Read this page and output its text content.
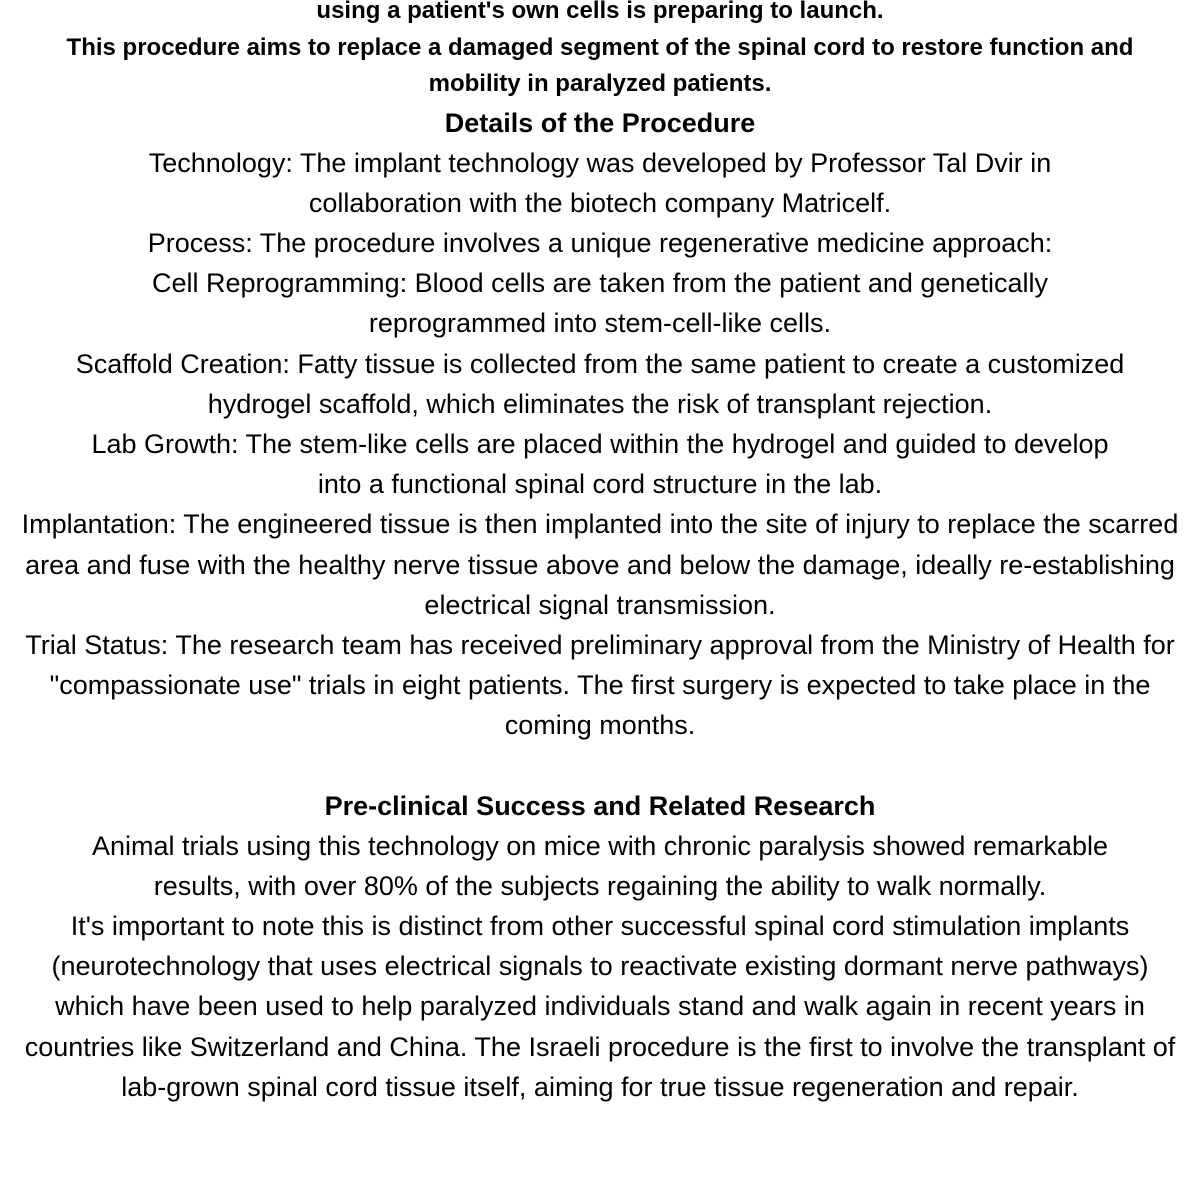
using a patient's own cells is preparing to launch.

This procedure aims to replace a damaged segment of the spinal cord to restore function and mobility in paralyzed patients.

Details of the Procedure

Technology: The implant technology was developed by Professor Tal Dvir in collaboration with the biotech company Matricelf.

Process: The procedure involves a unique regenerative medicine approach:

Cell Reprogramming: Blood cells are taken from the patient and genetically reprogrammed into stem-cell-like cells.

Scaffold Creation: Fatty tissue is collected from the same patient to create a customized hydrogel scaffold, which eliminates the risk of transplant rejection.

Lab Growth: The stem-like cells are placed within the hydrogel and guided to develop into a functional spinal cord structure in the lab.

Implantation: The engineered tissue is then implanted into the site of injury to replace the scarred area and fuse with the healthy nerve tissue above and below the damage, ideally re-establishing electrical signal transmission.

Trial Status: The research team has received preliminary approval from the Ministry of Health for "compassionate use" trials in eight patients. The first surgery is expected to take place in the coming months.

Pre-clinical Success and Related Research

Animal trials using this technology on mice with chronic paralysis showed remarkable results, with over 80% of the subjects regaining the ability to walk normally.

It's important to note this is distinct from other successful spinal cord stimulation implants (neurotechnology that uses electrical signals to reactivate existing dormant nerve pathways) which have been used to help paralyzed individuals stand and walk again in recent years in countries like Switzerland and China. The Israeli procedure is the first to involve the transplant of lab-grown spinal cord tissue itself, aiming for true tissue regeneration and repair.
